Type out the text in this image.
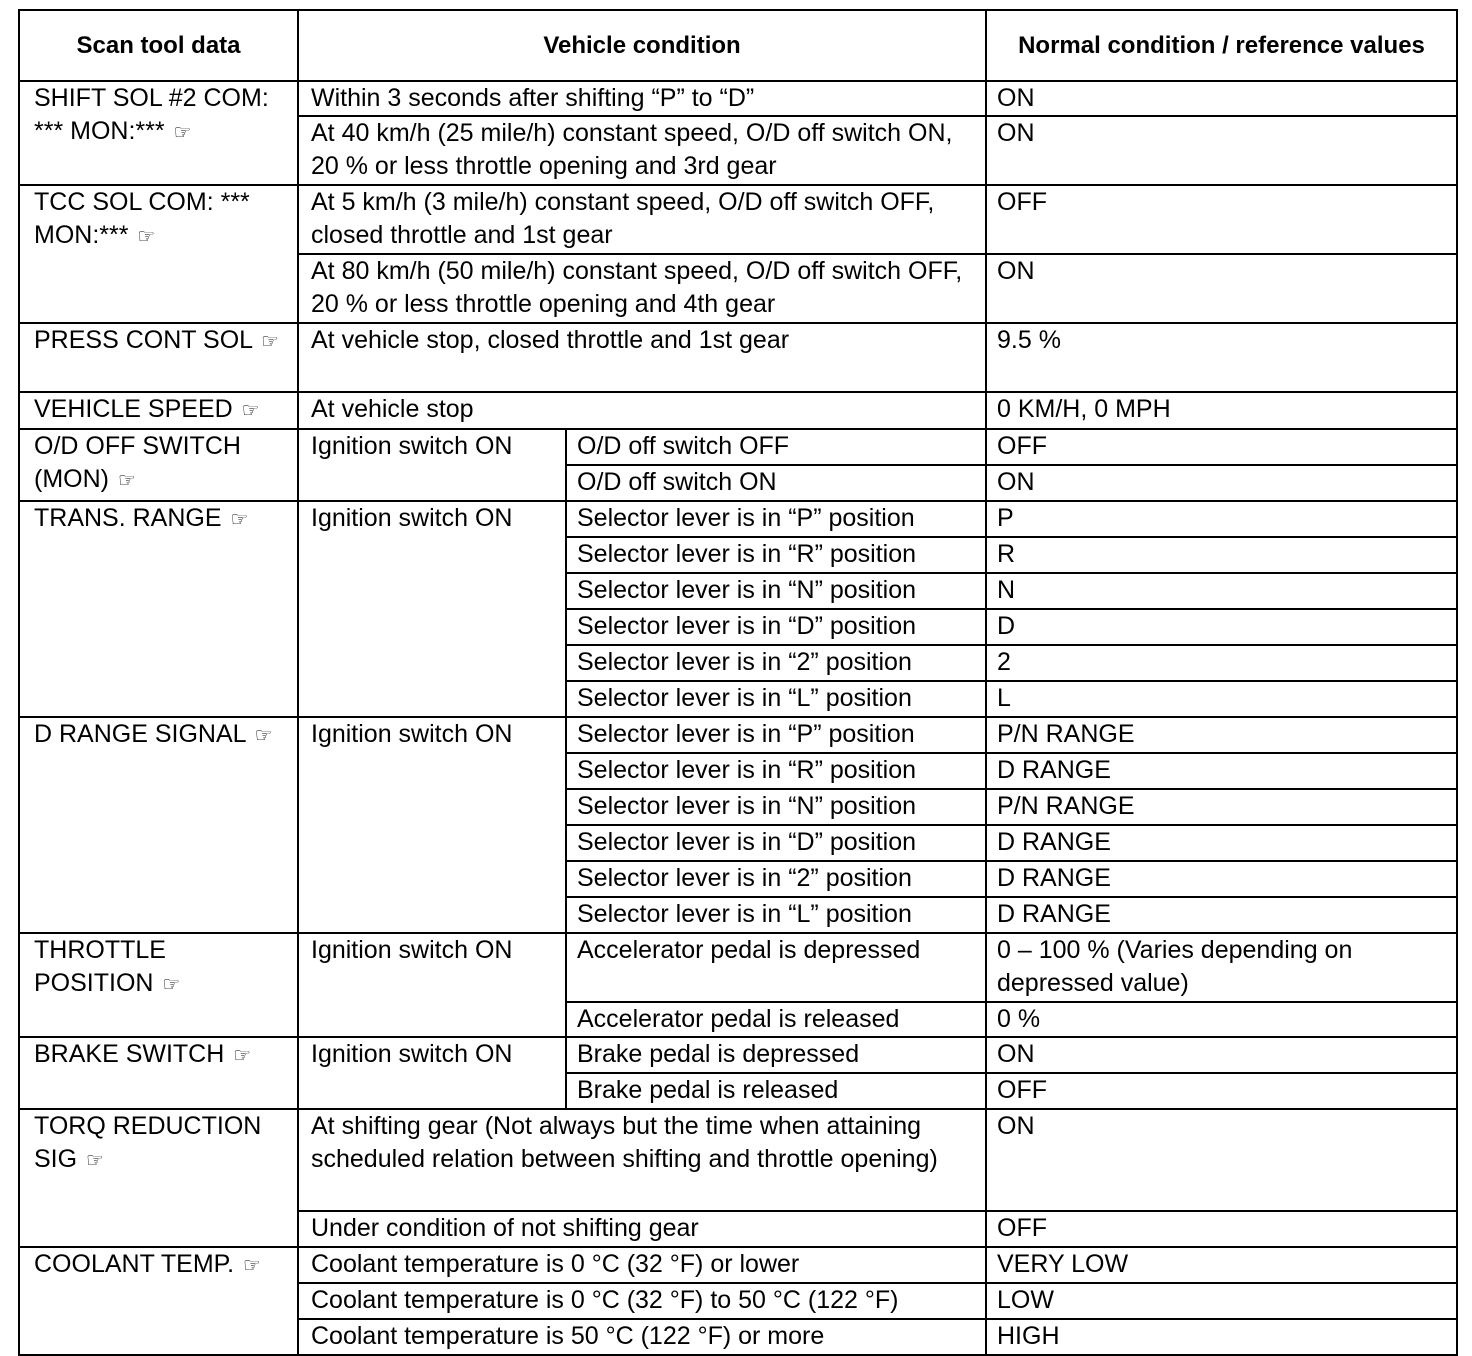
Scan tool data	Vehicle condition		Normal condition / reference values
SHIFT SOL #2 COM: *** MON:*** ☞	Within 3 seconds after shifting “P” to “D”		ON
	At 40 km/h (25 mile/h) constant speed, O/D off switch ON, 20 % or less throttle opening and 3rd gear		ON
TCC SOL COM: *** MON:*** ☞	At 5 km/h (3 mile/h) constant speed, O/D off switch OFF, closed throttle and 1st gear		OFF
	At 80 km/h (50 mile/h) constant speed, O/D off switch OFF, 20 % or less throttle opening and 4th gear		ON
PRESS CONT SOL ☞	At vehicle stop, closed throttle and 1st gear		9.5 %
VEHICLE SPEED ☞	At vehicle stop		0 KM/H, 0 MPH
O/D OFF SWITCH (MON) ☞	Ignition switch ON	O/D off switch OFF	OFF
		O/D off switch ON	ON
TRANS. RANGE ☞	Ignition switch ON	Selector lever is in “P” position	P
		Selector lever is in “R” position	R
		Selector lever is in “N” position	N
		Selector lever is in “D” position	D
		Selector lever is in “2” position	2
		Selector lever is in “L” position	L
D RANGE SIGNAL ☞	Ignition switch ON	Selector lever is in “P” position	P/N RANGE
		Selector lever is in “R” position	D RANGE
		Selector lever is in “N” position	P/N RANGE
		Selector lever is in “D” position	D RANGE
		Selector lever is in “2” position	D RANGE
		Selector lever is in “L” position	D RANGE
THROTTLE POSITION ☞	Ignition switch ON	Accelerator pedal is depressed	0 – 100 % (Varies depending on depressed value)
		Accelerator pedal is released	0 %
BRAKE SWITCH ☞	Ignition switch ON	Brake pedal is depressed	ON
		Brake pedal is released	OFF
TORQ REDUCTION SIG ☞	At shifting gear (Not always but the time when attaining scheduled relation between shifting and throttle opening)		ON
	Under condition of not shifting gear		OFF
COOLANT TEMP. ☞	Coolant temperature is 0 °C (32 °F) or lower		VERY LOW
	Coolant temperature is 0 °C (32 °F) to 50 °C (122 °F)		LOW
	Coolant temperature is 50 °C (122 °F) or more		HIGH
